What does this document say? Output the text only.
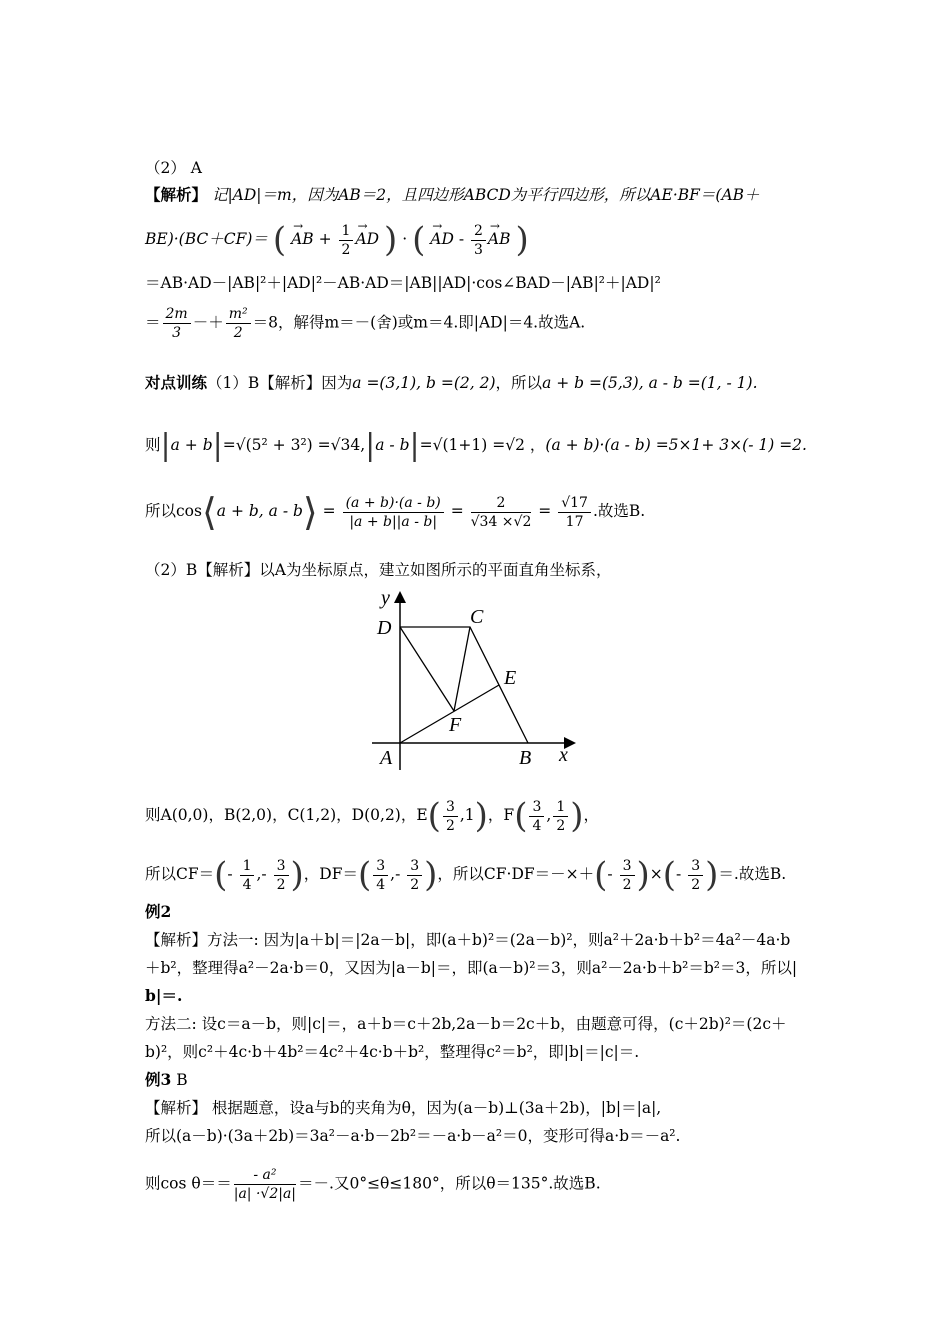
（2） A
【解析】 记|AD|＝m，因为AB＝2，且四边形ABCD为平行四边形，所以AE·BF＝(AB＋
BE)·(BC＋CF)＝ ( → AB + $\frac{1}{2}$ → AD ) · ( → AD - $\frac{2}{3}$ → AB )
＝AB·AD－|AB|²＋|AD|²－AB·AD＝|AB||AD|·cos∠BAD－|AB|²＋|AD|²
＝ $\frac{2m}{3} -+ \frac{\text{m²}}{2} =8$，解得m＝－(舍)或m＝4.即|AD|＝4.故选A.
对点训练（1）B【解析】因为a =(3,1), b =(2, 2)，所以a + b =(5,3), a - b =(1, - 1).
则|a + b|=√(5² + 3²) =√34,|a - b|=√(1+1) =√2 ，(a + b)·(a - b) =5×1+ 3×(- 1) =2.
所以cos⟨a + b, a - b⟩ = $\frac{(a + b)\cdot(a - b)}{|a + b||a - b|} = \frac{2}{√34 \times√2} = \frac{√17}{17}$ .故选B.
（2）B【解析】以A为坐标原点，建立如图所示的平面直角坐标系，
y
D	C
E
F
A	B x
则A(0,0)，B(2,0)，C(1,2)，D(0,2)，$E( \frac{3}{2} ,1)$，$F( \frac{3}{4}$ , $\frac{1}{2}$ )，
所以$CF=(- \frac{1}{4}$ ,- $\frac{3}{2}$ )，$DF=( \frac{3}{4}$ ,- $\frac{3}{2}$ )，所以$CF\cdot DF=-\times+(- \frac{3}{2}$ )×(- $\frac{3}{2}$ )＝.故选B.
例2
【解析】方法一: 因为|a＋b|＝|2a－b|，即(a＋b)²＝(2a－b)²，则a²＋2a·b＋b²＝4a²－4a·b
＋b²，整理得a²－2a·b＝0，又因为|a－b|＝，即(a－b)²＝3，则a²－2a·b＋b²＝b²＝3，所以|
b|＝.
方法二: 设c＝a－b，则|c|＝，a＋b＝c＋2b,2a－b＝2c＋b，由题意可得，(c＋2b)²＝(2c＋
b)²，则c²＋4c·b＋4b²＝4c²＋4c·b＋b²，整理得c²＝b²，即|b|＝|c|＝.
例3 B
【解析】 根据题意，设a与b的夹角为θ，因为(a－b)⊥(3a＋2b)，|b|＝|a|,
所以(a－b)·(3a＋2b)＝3a²－a·b－2b²＝－a·b－a²＝0，变形可得a·b＝－a².
则$\cos \theta== \frac{\text{- a²}}{|a| \cdot√2|a|}$ ＝－.又0°≤θ≤180°，所以θ＝135°.故选B.
